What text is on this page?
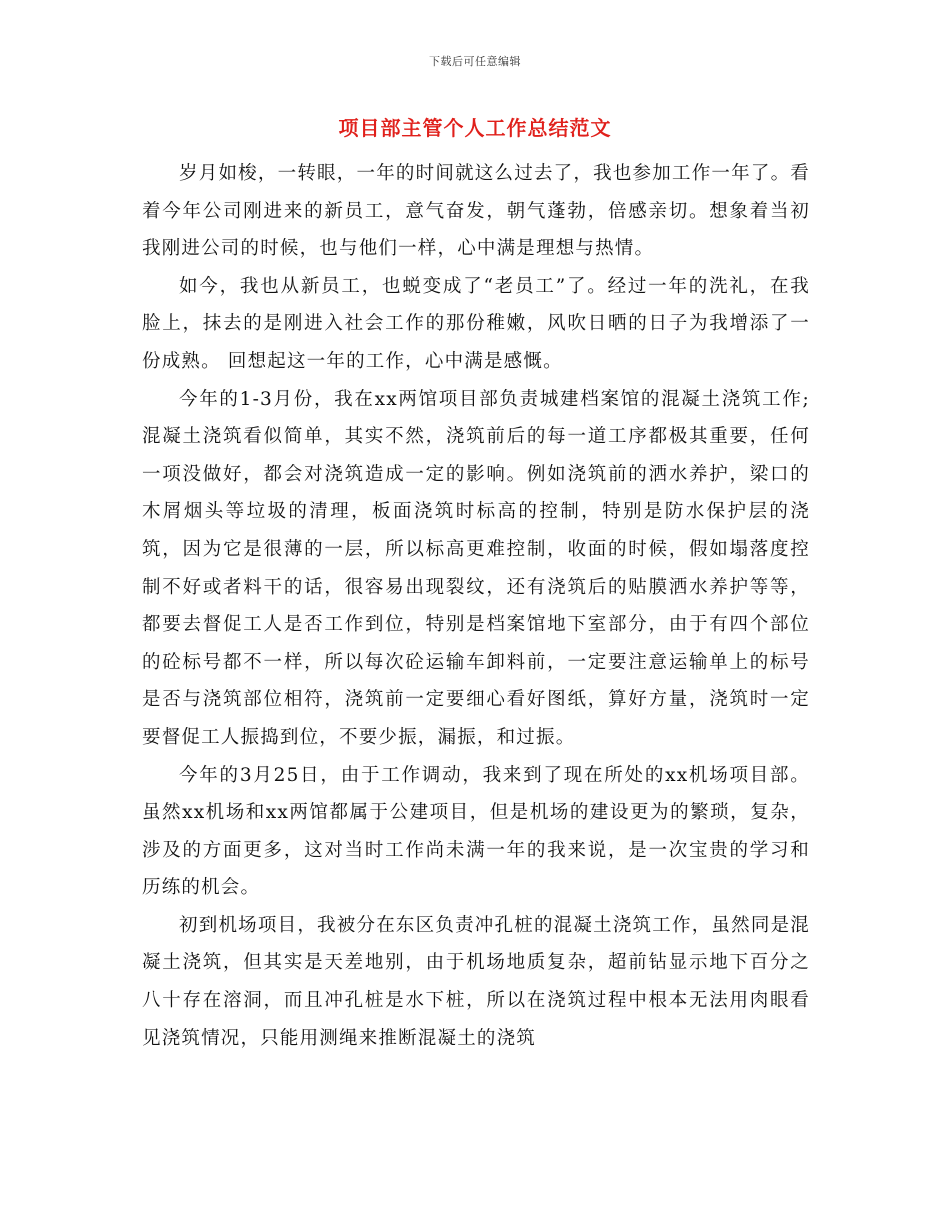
下载后可任意编辑
项目部主管个人工作总结范文

岁月如梭，一转眼，一年的时间就这么过去了，我也参加工作一年了。看着今年公司刚进来的新员工，意气奋发，朝气蓬勃，倍感亲切。想象着当初我刚进公司的时候，也与他们一样，心中满是理想与热情。

如今，我也从新员工，也蜕变成了“老员工”了。经过一年的洗礼，在我脸上，抹去的是刚进入社会工作的那份稚嫩，风吹日晒的日子为我增添了一份成熟。 回想起这一年的工作，心中满是感慨。

今年的1-3月份，我在xx两馆项目部负责城建档案馆的混凝土浇筑工作;混凝土浇筑看似简单，其实不然，浇筑前后的每一道工序都极其重要，任何一项没做好，都会对浇筑造成一定的影响。例如浇筑前的洒水养护，梁口的木屑烟头等垃圾的清理，板面浇筑时标高的控制，特别是防水保护层的浇筑，因为它是很薄的一层，所以标高更难控制，收面的时候，假如塌落度控制不好或者料干的话，很容易出现裂纹，还有浇筑后的贴膜洒水养护等等，都要去督促工人是否工作到位，特别是档案馆地下室部分，由于有四个部位的砼标号都不一样，所以每次砼运输车卸料前，一定要注意运输单上的标号是否与浇筑部位相符，浇筑前一定要细心看好图纸，算好方量，浇筑时一定要督促工人振捣到位，不要少振，漏振，和过振。

今年的3月25日，由于工作调动，我来到了现在所处的xx机场项目部。虽然xx机场和xx两馆都属于公建项目，但是机场的建设更为的繁琐，复杂，涉及的方面更多，这对当时工作尚未满一年的我来说，是一次宝贵的学习和历练的机会。

初到机场项目，我被分在东区负责冲孔桩的混凝土浇筑工作，虽然同是混凝土浇筑，但其实是天差地别，由于机场地质复杂，超前钻显示地下百分之八十存在溶洞，而且冲孔桩是水下桩，所以在浇筑过程中根本无法用肉眼看见浇筑情况，只能用测绳来推断混凝土的浇筑
